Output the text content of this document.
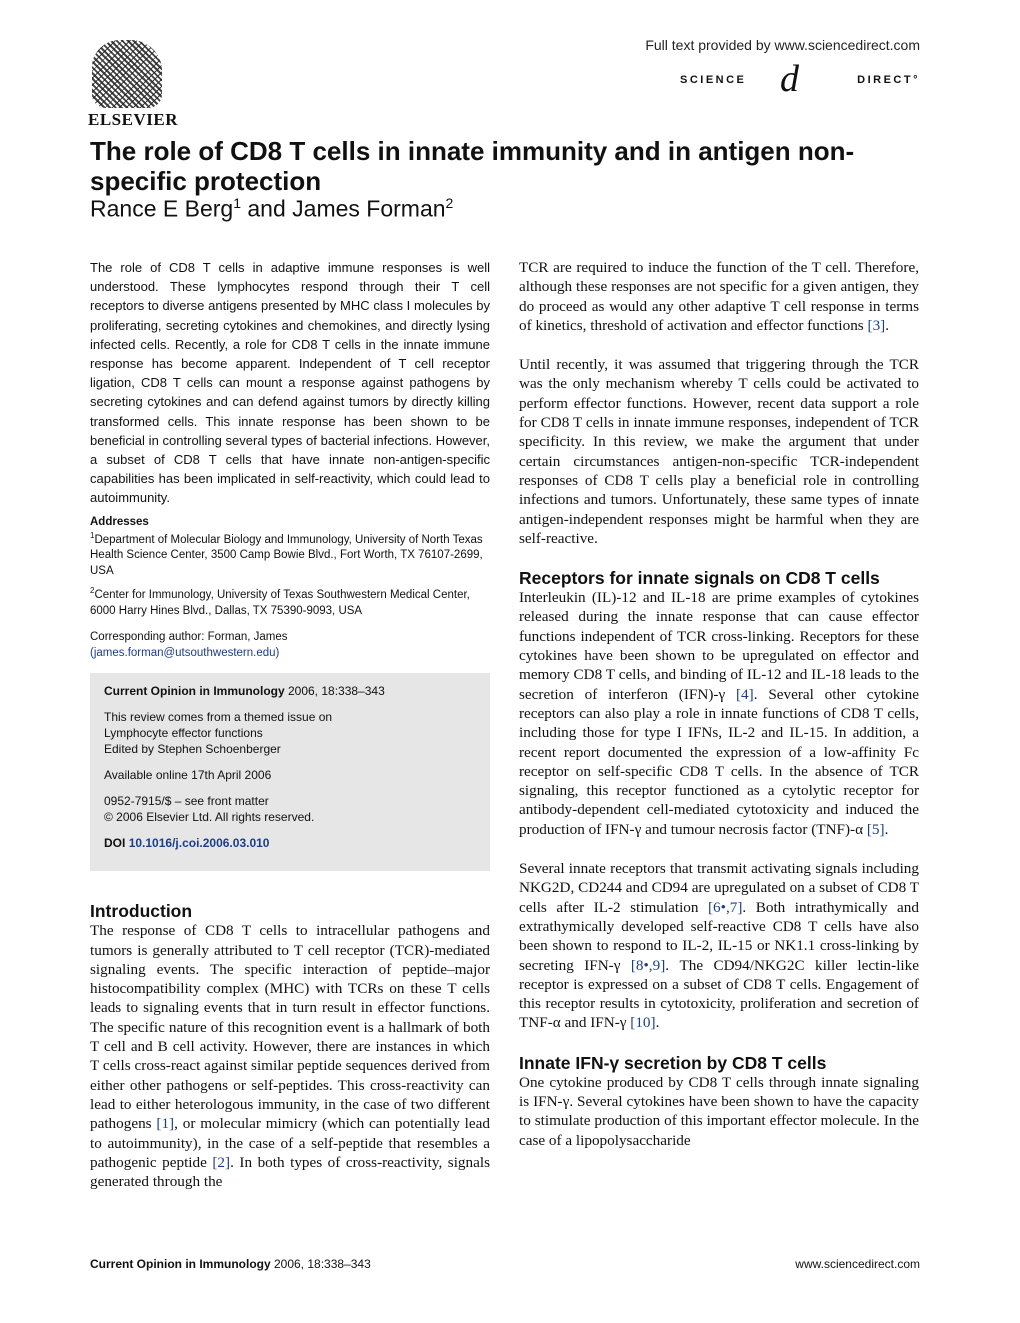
ELSEVIER
Full text provided by www.sciencedirect.com
SCIENCE d	DIRECT°
The role of CD8 T cells in innate immunity and in antigen non-specific protection
Rance E Berg$^1$ and James Forman$^2$

The role of CD8 T cells in adaptive immune responses is well understood. These lymphocytes respond through their T cell receptors to diverse antigens presented by MHC class I molecules by proliferating, secreting cytokines and chemokines, and directly lysing infected cells. Recently, a role for CD8 T cells in the innate immune response has become apparent. Independent of T cell receptor ligation, CD8 T cells can mount a response against pathogens by secreting cytokines and can defend against tumors by directly killing transformed cells. This innate response has been shown to be beneficial in controlling several types of bacterial infections. However, a subset of CD8 T cells that have innate non-antigen-specific capabilities has been implicated in self-reactivity, which could lead to autoimmunity.

Addresses

$^1$Department of Molecular Biology and Immunology, University of North Texas Health Science Center, 3500 Camp Bowie Blvd., Fort Worth, TX 76107-2699, USA

$^2$Center for Immunology, University of Texas Southwestern Medical Center, 6000 Harry Hines Blvd., Dallas, TX 75390-9093, USA

Corresponding author: Forman, James
(james.forman@utsouthwestern.edu)

Current Opinion in Immunology 2006, 18:338–343

This review comes from a themed issue on
Lymphocyte effector functions
Edited by Stephen Schoenberger

Available online 17th April 2006

0952-7915/$ – see front matter
© 2006 Elsevier Ltd. All rights reserved.

DOI 10.1016/j.coi.2006.03.010

Introduction

The response of CD8 T cells to intracellular pathogens and tumors is generally attributed to T cell receptor (TCR)-mediated signaling events. The specific interaction of peptide–major histocompatibility complex (MHC) with TCRs on these T cells leads to signaling events that in turn result in effector functions. The specific nature of this recognition event is a hallmark of both T cell and B cell activity. However, there are instances in which T cells cross-react against similar peptide sequences derived from either other pathogens or self-peptides. This cross-reactivity can lead to either heterologous immunity, in the case of two different pathogens [1], or molecular mimicry (which can potentially lead to autoimmunity), in the case of a self-peptide that resembles a pathogenic peptide [2]. In both types of cross-reactivity, signals generated through the

TCR are required to induce the function of the T cell. Therefore, although these responses are not specific for a given antigen, they do proceed as would any other adaptive T cell response in terms of kinetics, threshold of activation and effector functions [3].

Until recently, it was assumed that triggering through the TCR was the only mechanism whereby T cells could be activated to perform effector functions. However, recent data support a role for CD8 T cells in innate immune responses, independent of TCR specificity. In this review, we make the argument that under certain circumstances antigen-non-specific TCR-independent responses of CD8 T cells play a beneficial role in controlling infections and tumors. Unfortunately, these same types of innate antigen-independent responses might be harmful when they are self-reactive.

Receptors for innate signals on CD8 T cells

Interleukin (IL)-12 and IL-18 are prime examples of cytokines released during the innate response that can cause effector functions independent of TCR cross-linking. Receptors for these cytokines have been shown to be upregulated on effector and memory CD8 T cells, and binding of IL-12 and IL-18 leads to the secretion of interferon (IFN)-γ [4]. Several other cytokine receptors can also play a role in innate functions of CD8 T cells, including those for type I IFNs, IL-2 and IL-15. In addition, a recent report documented the expression of a low-affinity Fc receptor on self-specific CD8 T cells. In the absence of TCR signaling, this receptor functioned as a cytolytic receptor for antibody-dependent cell-mediated cytotoxicity and induced the production of IFN-γ and tumour necrosis factor (TNF)-α [5].

Several innate receptors that transmit activating signals including NKG2D, CD244 and CD94 are upregulated on a subset of CD8 T cells after IL-2 stimulation [6•,7]. Both intrathymically and extrathymically developed self-reactive CD8 T cells have also been shown to respond to IL-2, IL-15 or NK1.1 cross-linking by secreting IFN-γ [8•,9]. The CD94/NKG2C killer lectin-like receptor is expressed on a subset of CD8 T cells. Engagement of this receptor results in cytotoxicity, proliferation and secretion of TNF-α and IFN-γ [10].

Innate IFN-γ secretion by CD8 T cells

One cytokine produced by CD8 T cells through innate signaling is IFN-γ. Several cytokines have been shown to have the capacity to stimulate production of this important effector molecule. In the case of a lipopolysaccharide

Current Opinion in Immunology 2006, 18:338–343	www.sciencedirect.com
